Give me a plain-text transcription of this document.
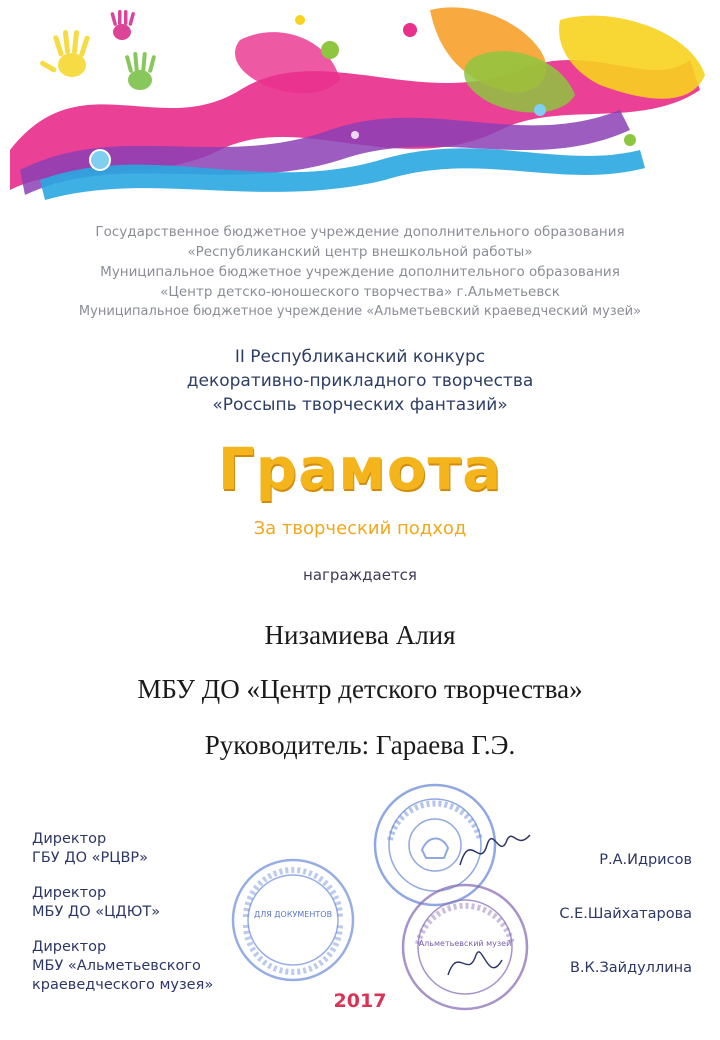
Государственное бюджетное учреждение дополнительного образования
«Республиканский центр внешкольной работы»
Муниципальное бюджетное учреждение дополнительного образования
«Центр детско-юношеского творчества» г.Альметьевск
Муниципальное бюджетное учреждение «Альметьевский краеведческий музей»
II Республиканский конкурс
декоративно-прикладного творчества
«Россыпь творческих фантазий»
Грамота
За творческий подход
награждается
Низамиева Алия
МБУ ДО «Центр детского творчества»
Руководитель: Гараева Г.Э.
ДЛЯ ДОКУМЕНТОВ
Альметьевский музей
Директор
ГБУ ДО «РЦВР»
Директор
МБУ ДО «ЦДЮТ»
Директор
МБУ «Альметьевского
краеведческого музея»
Р.А.Идрисов
С.Е.Шайхатарова
В.К.Зайдуллина
2017
